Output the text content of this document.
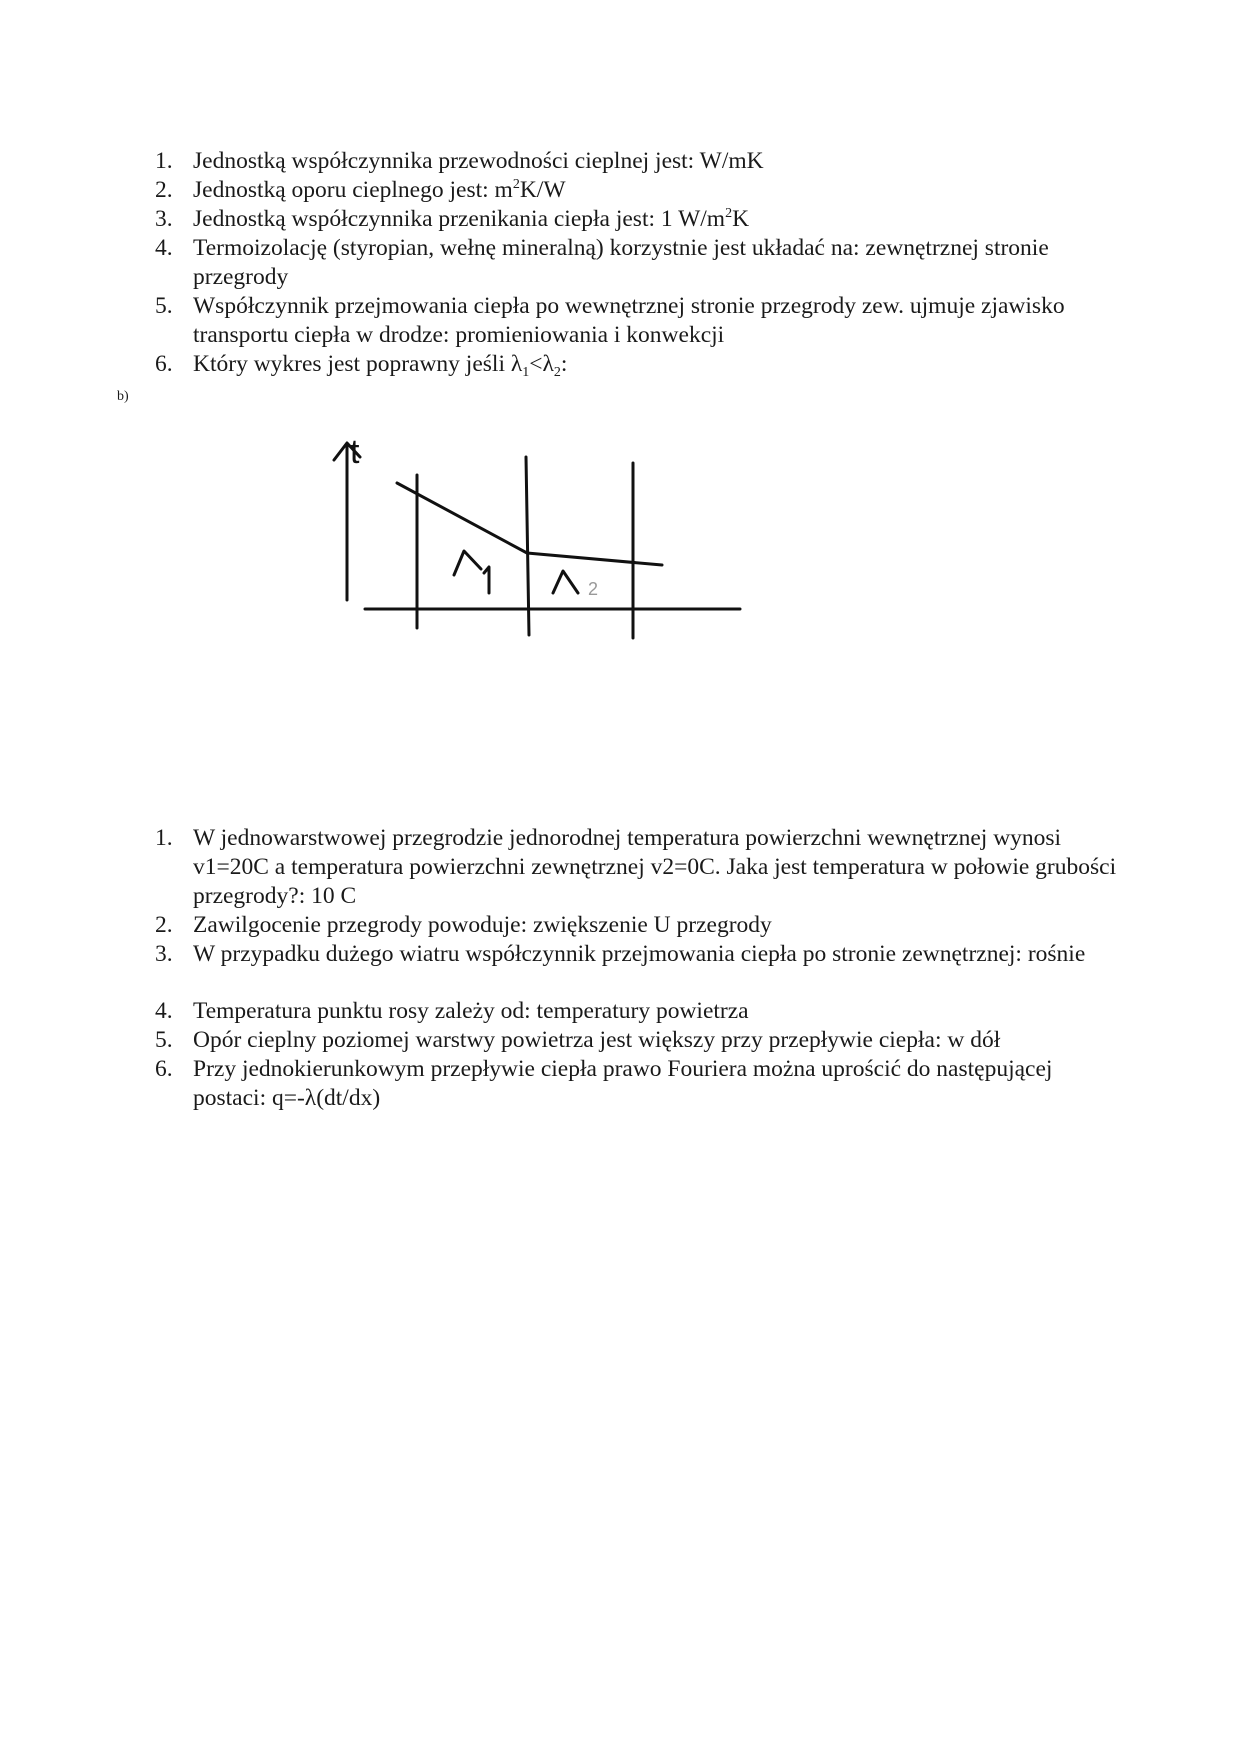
1. Jednostką współczynnika przewodności cieplnej jest: W/mK
2. Jednostką oporu cieplnego jest: $m^2K/W$
3. Jednostką współczynnika przenikania ciepła jest: 1 $W/m^2K$
4. Termoizolację (styropian, wełnę mineralną) korzystnie jest układać na: zewnętrznej stronie przegrody
5. Współczynnik przejmowania ciepła po wewnętrznej stronie przegrody zew. ujmuje zjawisko transportu ciepła w drodze: promieniowania i konwekcji
6. Który wykres jest poprawny jeśli $\lambda_1<\lambda_2$:
b)
t
2
1. W jednowarstwowej przegrodzie jednorodnej temperatura powierzchni wewnętrznej wynosi v1=20C a temperatura powierzchni zewnętrznej v2=0C. Jaka jest temperatura w połowie grubości przegrody?: 10 C
2. Zawilgocenie przegrody powoduje: zwiększenie U przegrody
3. W przypadku dużego wiatru współczynnik przejmowania ciepła po stronie zewnętrznej: rośnie
4. Temperatura punktu rosy zależy od: temperatury powietrza
5. Opór cieplny poziomej warstwy powietrza jest większy przy przepływie ciepła: w dół
6. Przy jednokierunkowym przepływie ciepła prawo Fouriera można uprościć do następującej postaci: q=-λ(dt/dx)
